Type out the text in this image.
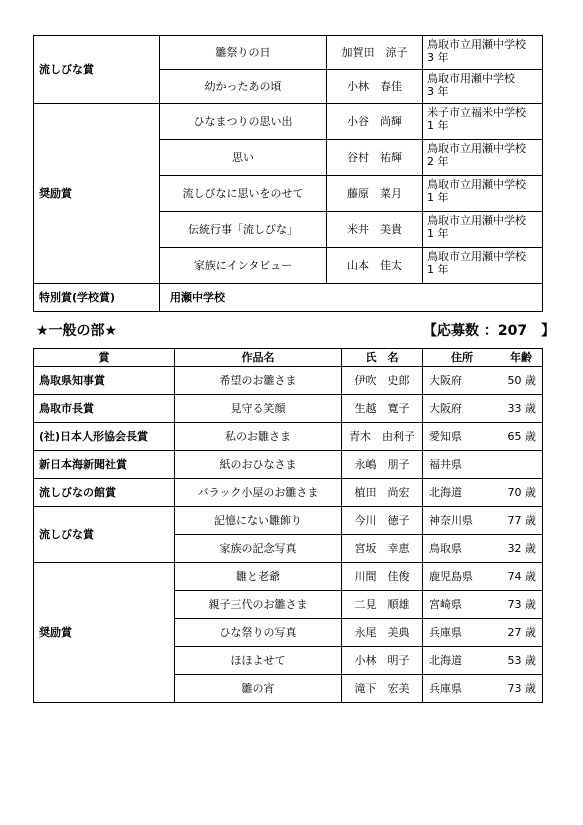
流しびな賞	雛祭りの日	加賀田　涼子	鳥取市立用瀬中学校
3 年

	幼かったあの頃	小林　春佳	鳥取市用瀬中学校
3 年

奨励賞	ひなまつりの思い出	小谷　尚輝	米子市立福米中学校
1 年

	思い	谷村　祐輝	鳥取市立用瀬中学校
2 年

	流しびなに思いをのせて	藤原　菜月	鳥取市立用瀬中学校
1 年

	伝統行事「流しびな」	米井　美貴	鳥取市立用瀬中学校
1 年

	家族にインタビュー	山本　佳太	鳥取市立用瀬中学校
1 年

特別賞(学校賞)	用瀬中学校		
★一般の部★	【応募数 ：207　】
賞	作品名	氏　名	住所 年齢

鳥取県知事賞	希望のお雛さま	伊吹　史郎	大阪府 50 歳

鳥取市長賞	見守る笑顔	生越　寛子	大阪府 33 歳

(社)日本人形協会長賞	私のお雛さま	青木　由利子	愛知県 65 歳

新日本海新聞社賞	紙のおひなさま	永嶋　朋子	福井県

流しびなの館賞	バラック小屋のお雛さま	植田　尚宏	北海道 70 歳

流しびな賞	記憶にない雛飾り	今川　徳子	神奈川県 77 歳

	家族の記念写真	宮坂　幸恵	鳥取県 32 歳

奨励賞	雛と老爺	川間　佳俊	鹿児島県 74 歳

	親子三代のお雛さま	二見　順雄	宮崎県 73 歳

	ひな祭りの写真	永尾　美典	兵庫県 27 歳

	ほほよせて	小林　明子	北海道 53 歳

	雛の宵	滝下　宏美	兵庫県 73 歳
